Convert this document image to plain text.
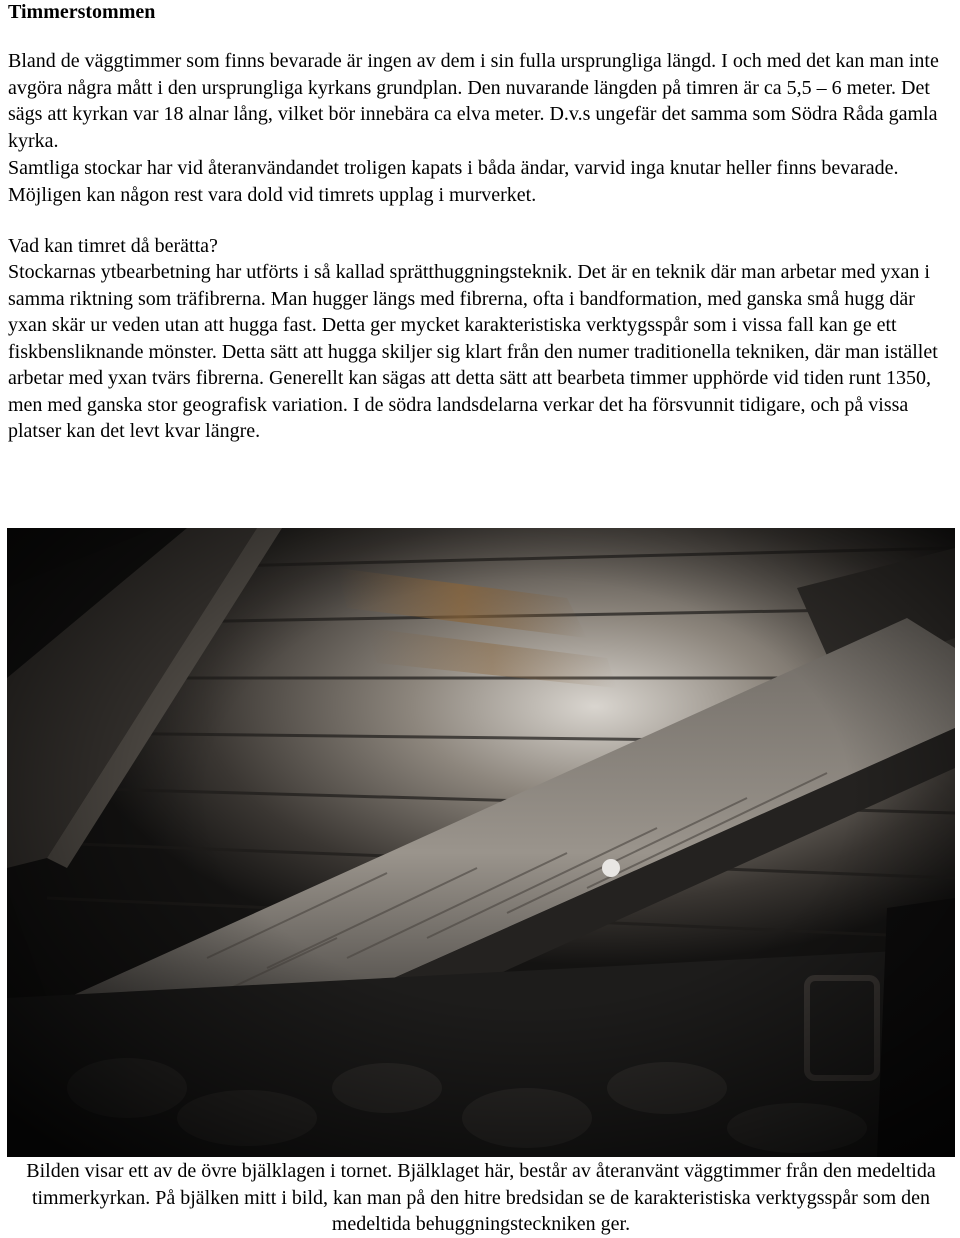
Timmerstommen

Bland de väggtimmer som finns bevarade är ingen av dem i sin fulla ursprungliga längd. I och med det kan man inte avgöra några mått i den ursprungliga kyrkans grundplan. Den nuvarande längden på timren är ca 5,5 – 6 meter. Det sägs att kyrkan var 18 alnar lång, vilket bör innebära ca elva meter. D.v.s ungefär det samma som Södra Råda gamla kyrka.

Samtliga stockar har vid återanvändandet troligen kapats i båda ändar, varvid inga knutar heller finns bevarade. Möjligen kan någon rest vara dold vid timrets upplag i murverket.

Vad kan timret då berätta?

Stockarnas ytbearbetning har utförts i så kallad sprätthuggningsteknik. Det är en teknik där man arbetar med yxan i samma riktning som träfibrerna. Man hugger längs med fibrerna, ofta i bandformation, med ganska små hugg där yxan skär ur veden utan att hugga fast. Detta ger mycket karakteristiska verktygsspår som i vissa fall kan ge ett fiskbensliknande mönster. Detta sätt att hugga skiljer sig klart från den numer traditionella tekniken, där man istället arbetar med yxan tvärs fibrerna. Generellt kan sägas att detta sätt att bearbeta timmer upphörde vid tiden runt 1350, men med ganska stor geografisk variation. I de södra landsdelarna verkar det ha försvunnit tidigare, och på vissa platser kan det levt kvar längre.

Bilden visar ett av de övre bjälklagen i tornet. Bjälklaget här, består av återanvänt väggtimmer från den medeltida timmerkyrkan. På bjälken mitt i bild, kan man på den hitre bredsidan se de karakteristiska verktygsspår som den medeltida behuggningsteckniken ger.
